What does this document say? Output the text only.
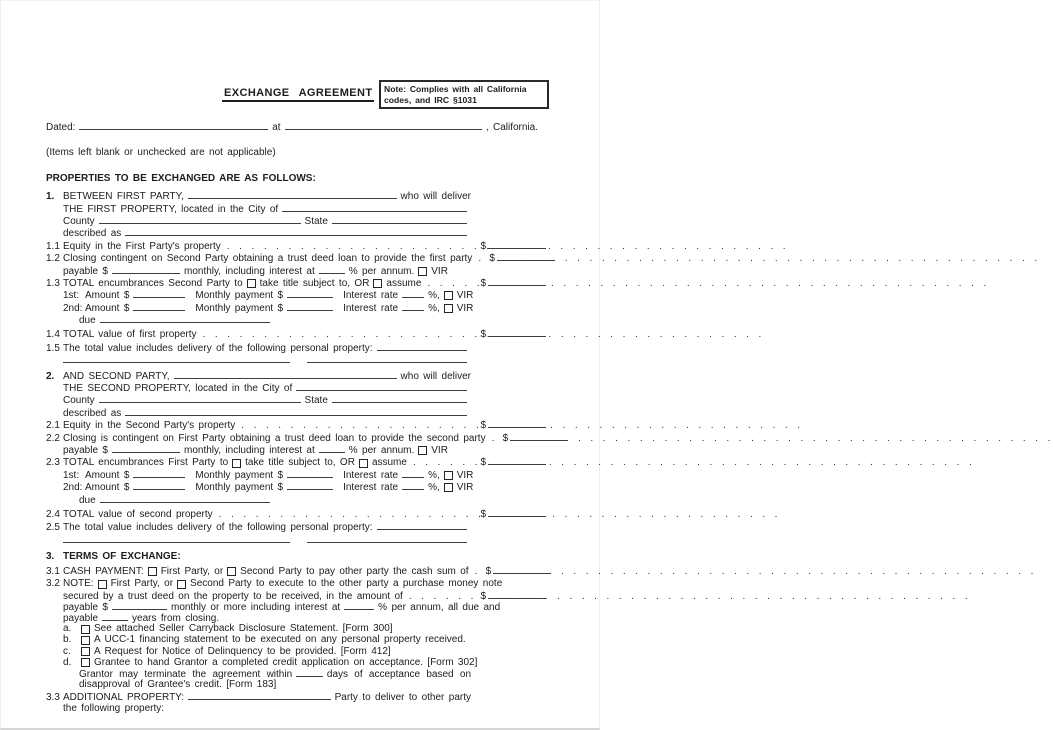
EXCHANGE AGREEMENT	Note: Complies with all California codes, and IRC §1031
Dated:	at	, California.
(Items left blank or unchecked are not applicable)
PROPERTIES TO BE EXCHANGED ARE AS FOLLOWS:
1. BETWEEN FIRST PARTY,	who will deliver
THE FIRST PROPERTY, located in the City of
County	State
described as
1.1 Equity in the First Party's property . . .	$
1.2 Closing contingent on Second Party obtaining a trust deed loan to provide the first party . . . $
payable $	monthly, including interest at	% per annum. VIR
1.3 TOTAL encumbrances Second Party to take title subject to, OR assume . . .	$
1st: Amount $	Monthly payment $	Interest rate	%, VIR
2nd: Amount $	Monthly payment $	Interest rate	%, VIR
due
1.4 TOTAL value of first property . . .	$
1.5 The total value includes delivery of the following personal property:
2. AND SECOND PARTY,	who will deliver
THE SECOND PROPERTY, located in the City of
County	State
described as
2.1 Equity in the Second Party's property . . .	$
2.2 Closing is contingent on First Party obtaining a trust deed loan to provide the second party . . . $
payable $	monthly, including interest at	% per annum. VIR
2.3 TOTAL encumbrances First Party to take title subject to, OR assume . . .	$
1st: Amount $	Monthly payment $	Interest rate	%, VIR
2nd: Amount $	Monthly payment $	Interest rate	%, VIR
due
2.4 TOTAL value of second property . . .	$
2.5 The total value includes delivery of the following personal property:
3. TERMS OF EXCHANGE:
3.1 CASH PAYMENT: First Party, or Second Party to pay other party the cash sum of . . . $
3.2 NOTE: First Party, or Second Party to execute to the other party a purchase money note
secured by a trust deed on the property to be received, in the amount of . . .	$
payable $	monthly or more including interest at	% per annum, all due and
payable	years from closing.
a.	See attached Seller Carryback Disclosure Statement. [Form 300]
b.	A UCC-1 financing statement to be executed on any personal property received.
c.	A Request for Notice of Delinquency to be provided. [Form 412]
d.	Grantee to hand Grantor a completed credit application on acceptance. [Form 302]
Grantor may terminate the agreement within	days of acceptance based on
disapproval of Grantee's credit. [Form 183]
3.3 ADDITIONAL PROPERTY:	Party to deliver to other party
the following property:
